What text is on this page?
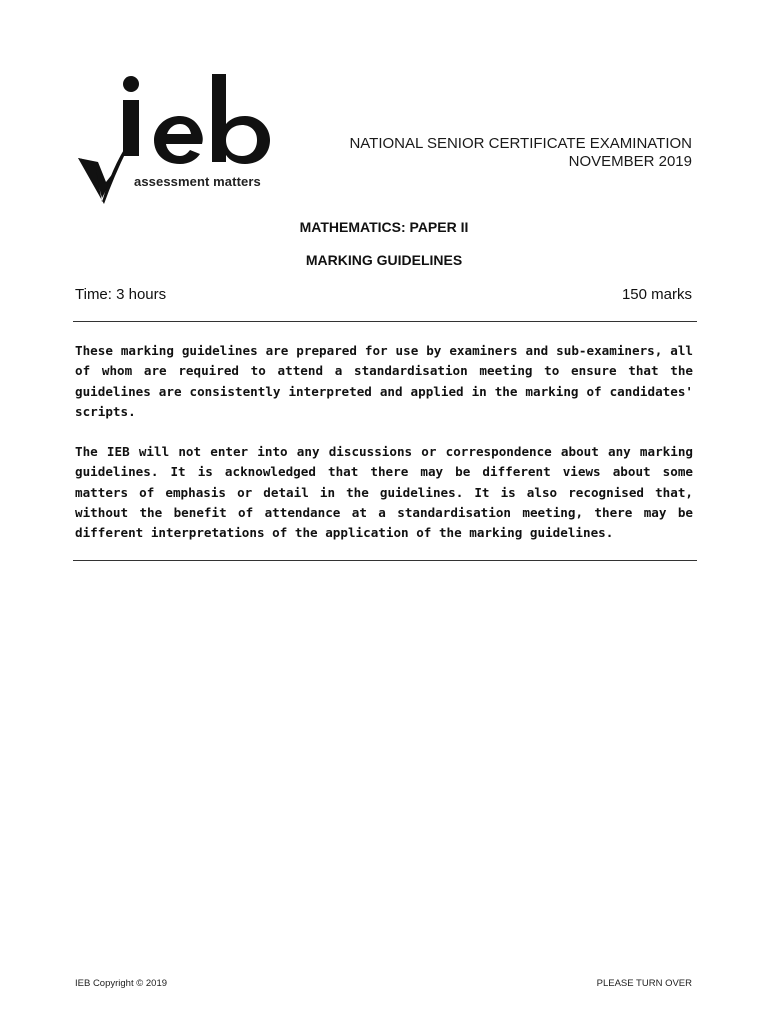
assessment matters
NATIONAL SENIOR CERTIFICATE EXAMINATION
NOVEMBER 2019
MATHEMATICS: PAPER II
MARKING GUIDELINES
Time: 3 hours	150 marks

These marking guidelines are prepared for use by examiners and sub-examiners, all of whom are required to attend a standardisation meeting to ensure that the guidelines are consistently interpreted and applied in the marking of candidates' scripts.

The IEB will not enter into any discussions or correspondence about any marking guidelines. It is acknowledged that there may be different views about some matters of emphasis or detail in the guidelines. It is also recognised that, without the benefit of attendance at a standardisation meeting, there may be different interpretations of the application of the marking guidelines.

IEB Copyright © 2019	PLEASE TURN OVER
